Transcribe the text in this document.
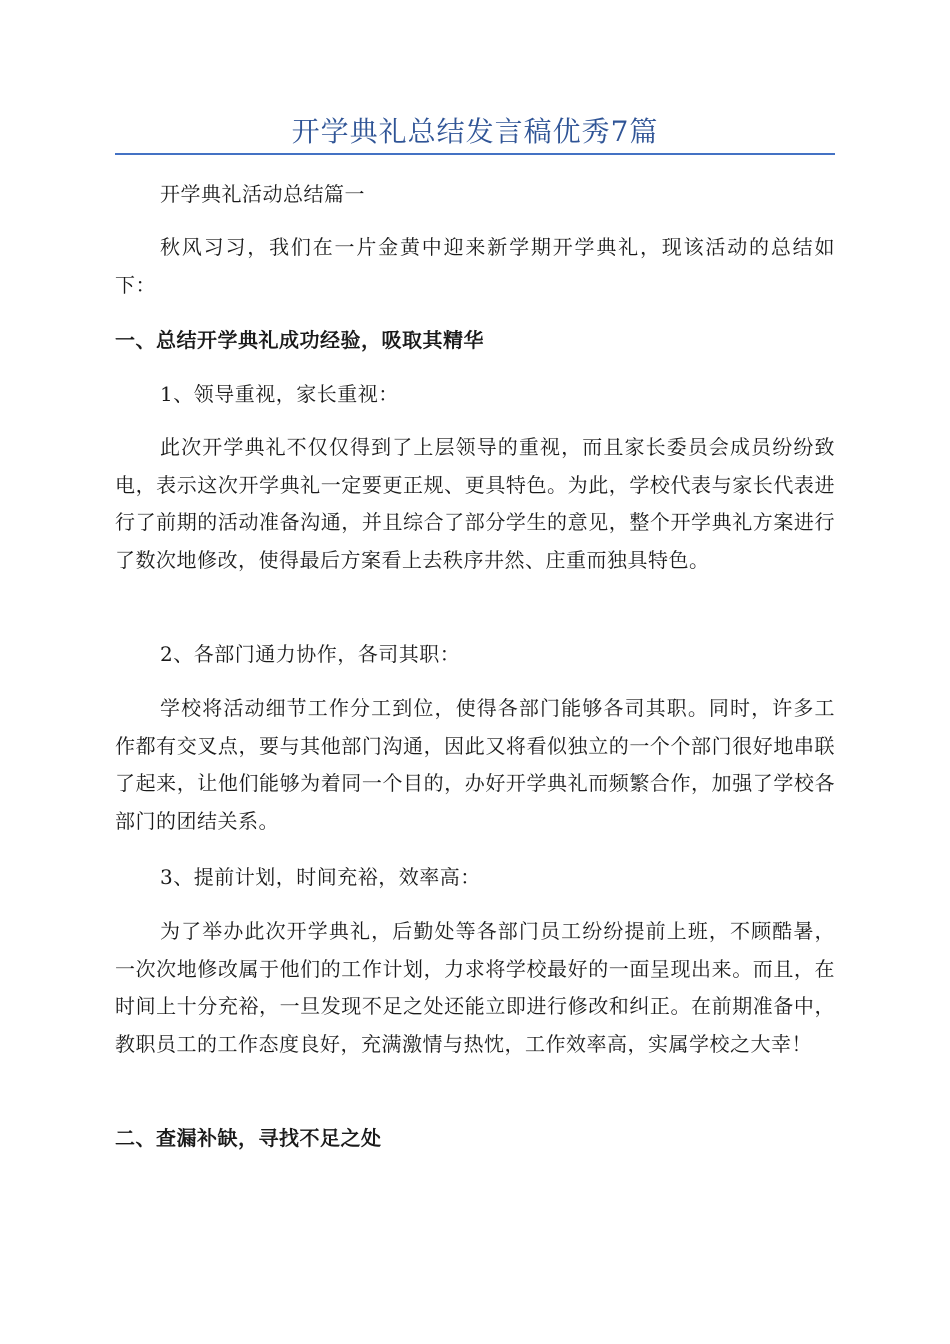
开学典礼总结发言稿优秀7篇

开学典礼活动总结篇一

秋风习习，我们在一片金黄中迎来新学期开学典礼，现该活动的总结如下：

一、总结开学典礼成功经验，吸取其精华

1、领导重视，家长重视：

此次开学典礼不仅仅得到了上层领导的重视，而且家长委员会成员纷纷致电，表示这次开学典礼一定要更正规、更具特色。为此，学校代表与家长代表进行了前期的活动准备沟通，并且综合了部分学生的意见，整个开学典礼方案进行了数次地修改，使得最后方案看上去秩序井然、庄重而独具特色。

2、各部门通力协作，各司其职：

学校将活动细节工作分工到位，使得各部门能够各司其职。同时，许多工作都有交叉点，要与其他部门沟通，因此又将看似独立的一个个部门很好地串联了起来，让他们能够为着同一个目的，办好开学典礼而频繁合作，加强了学校各部门的团结关系。

3、提前计划，时间充裕，效率高：

为了举办此次开学典礼，后勤处等各部门员工纷纷提前上班，不顾酷暑，一次次地修改属于他们的工作计划，力求将学校最好的一面呈现出来。而且，在时间上十分充裕，一旦发现不足之处还能立即进行修改和纠正。在前期准备中，教职员工的工作态度良好，充满激情与热忱，工作效率高，实属学校之大幸！

二、查漏补缺，寻找不足之处
